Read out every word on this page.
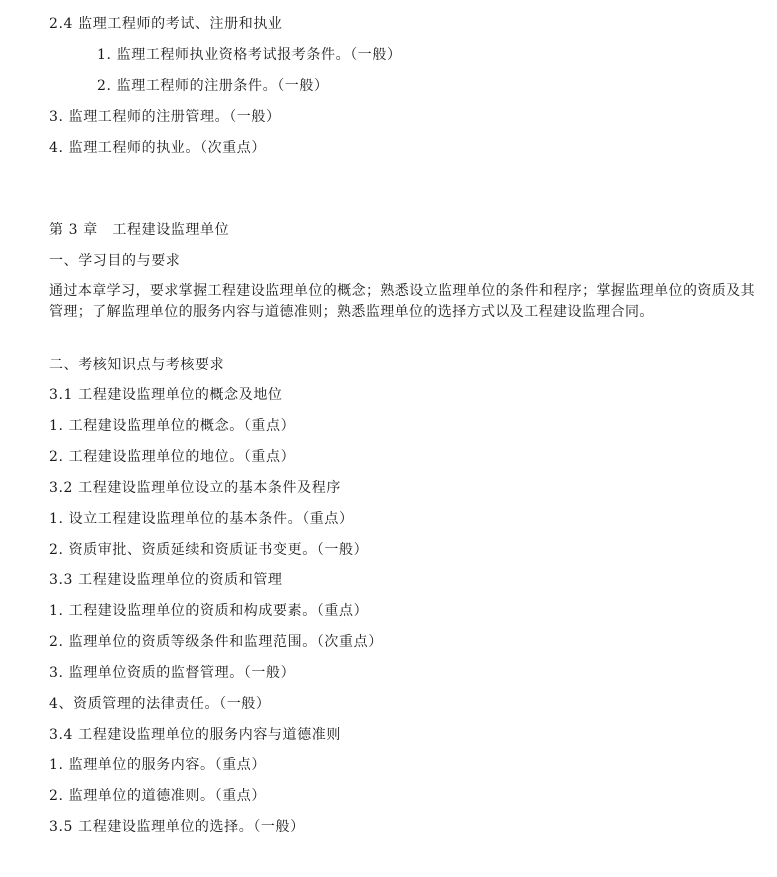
2.4 监理工程师的考试、注册和执业
1. 监理工程师执业资格考试报考条件。（一般）
2. 监理工程师的注册条件。（一般）
3. 监理工程师的注册管理。（一般）
4. 监理工程师的执业。（次重点）
第 3 章　工程建设监理单位
一、学习目的与要求
通过本章学习，要求掌握工程建设监理单位的概念；熟悉设立监理单位的条件和程序；掌握监理单位的资质及其管理；了解监理单位的服务内容与道德准则；熟悉监理单位的选择方式以及工程建设监理合同。
二、考核知识点与考核要求
3.1 工程建设监理单位的概念及地位
1. 工程建设监理单位的概念。（重点）
2. 工程建设监理单位的地位。（重点）
3.2 工程建设监理单位设立的基本条件及程序
1. 设立工程建设监理单位的基本条件。（重点）
2. 资质审批、资质延续和资质证书变更。（一般）
3.3 工程建设监理单位的资质和管理
1. 工程建设监理单位的资质和构成要素。（重点）
2. 监理单位的资质等级条件和监理范围。（次重点）
3. 监理单位资质的监督管理。（一般）
4、资质管理的法律责任。（一般）
3.4 工程建设监理单位的服务内容与道德准则
1. 监理单位的服务内容。（重点）
2. 监理单位的道德准则。（重点）
3.5 工程建设监理单位的选择。（一般）
